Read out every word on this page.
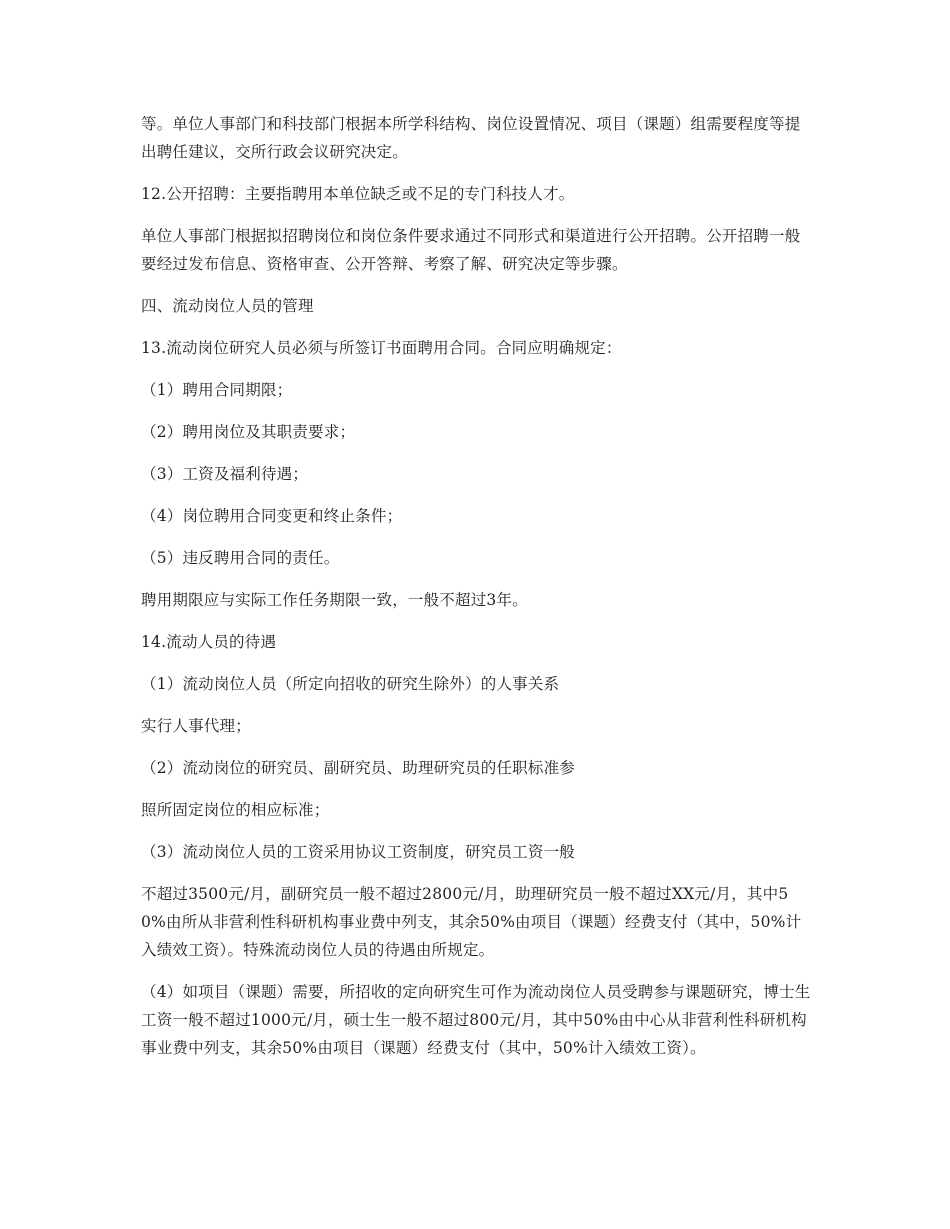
等。单位人事部门和科技部门根据本所学科结构、岗位设置情况、项目（课题）组需要程度等提出聘任建议，交所行政会议研究决定。

12.公开招聘：主要指聘用本单位缺乏或不足的专门科技人才。

单位人事部门根据拟招聘岗位和岗位条件要求通过不同形式和渠道进行公开招聘。公开招聘一般要经过发布信息、资格审查、公开答辩、考察了解、研究决定等步骤。

四、流动岗位人员的管理

13.流动岗位研究人员必须与所签订书面聘用合同。合同应明确规定：

（1）聘用合同期限；

（2）聘用岗位及其职责要求；

（3）工资及福利待遇；

（4）岗位聘用合同变更和终止条件；

（5）违反聘用合同的责任。

聘用期限应与实际工作任务期限一致，一般不超过3年。

14.流动人员的待遇

（1）流动岗位人员（所定向招收的研究生除外）的人事关系

实行人事代理；

（2）流动岗位的研究员、副研究员、助理研究员的任职标准参

照所固定岗位的相应标准；

（3）流动岗位人员的工资采用协议工资制度，研究员工资一般

不超过3500元/月，副研究员一般不超过2800元/月，助理研究员一般不超过XX元/月，其中50%由所从非营利性科研机构事业费中列支，其余50%由项目（课题）经费支付（其中，50%计入绩效工资）。特殊流动岗位人员的待遇由所规定。

（4）如项目（课题）需要，所招收的定向研究生可作为流动岗位人员受聘参与课题研究，博士生工资一般不超过1000元/月，硕士生一般不超过800元/月，其中50%由中心从非营利性科研机构事业费中列支，其余50%由项目（课题）经费支付（其中，50%计入绩效工资）。
